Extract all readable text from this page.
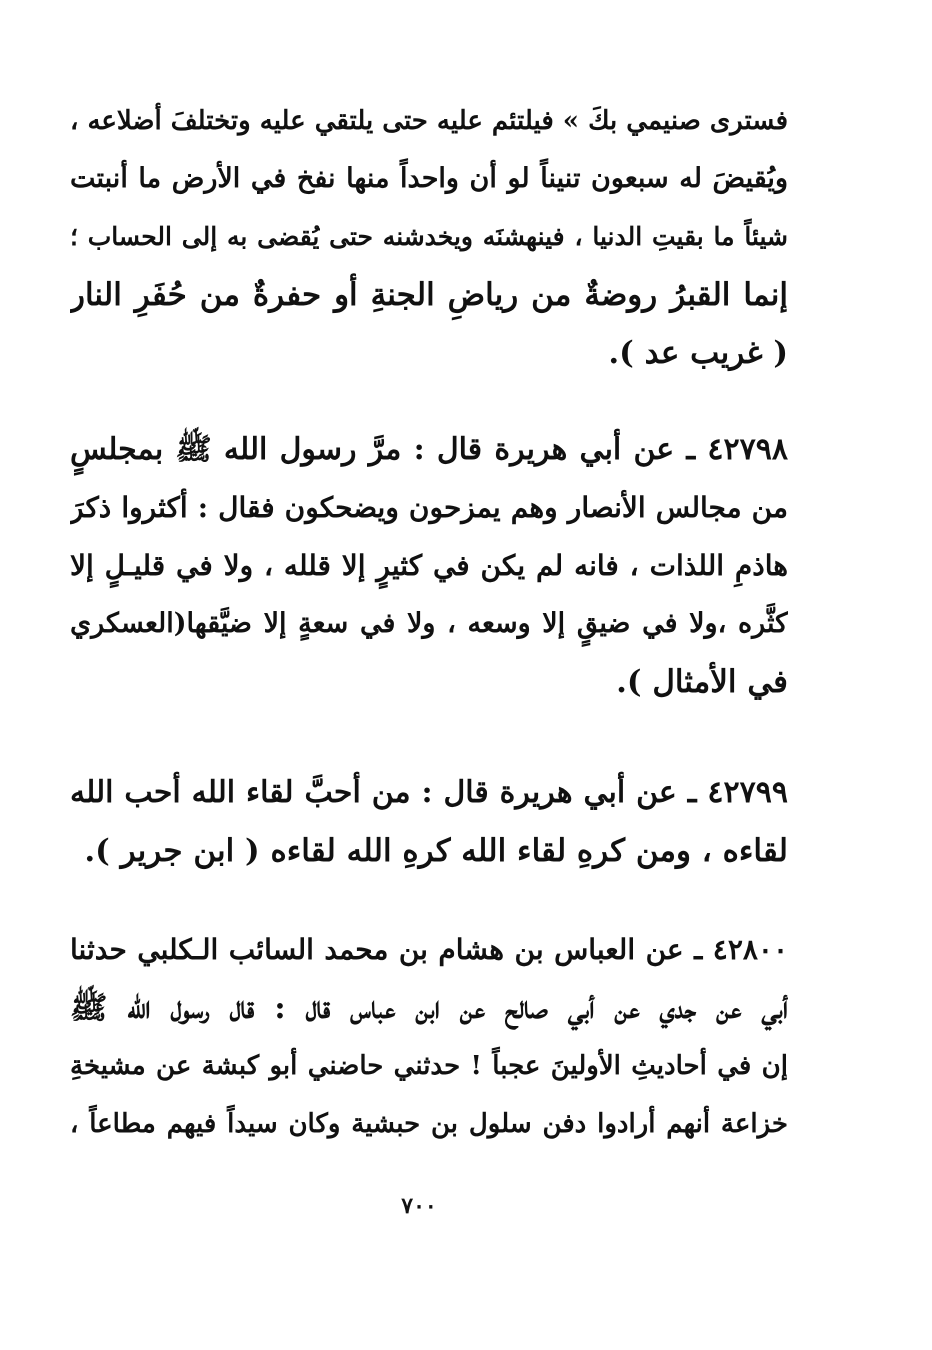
فسترى صنيمي بكَ » فيلتئم عليه حتى يلتقي عليه وتختلفَ أضلاعه ،
ويُقيضَ له سبعون تنيناً لو أن واحداً منها نفخ في الأرض ما أنبتت
شيئاً ما بقيتِ الدنيا ، فينهشنَه ويخدشنه حتى يُقضى به إلى الحساب ؛
إنما القبرُ روضةٌ من رياضِ الجنةِ أو حفرةٌ من حُفَرِ النار
( غريب عد ).
٤٢٧٩٨ ـ عن أبي هريرة قال : مرَّ رسول الله ﷺ بمجلسٍ
من مجالس الأنصار وهم يمزحون ويضحكون فقال : أكثروا ذكرَ
هاذمِ اللذات ، فانه لم يكن في كثيرٍ إلا قلله ، ولا في قليـلٍ إلا
كثَّره ،ولا في ضيقٍ إلا وسعه ، ولا في سعةٍ إلا ضيَّقها(العسكري
في الأمثال ).
٤٢٧٩٩ ـ عن أبي هريرة قال : من أحبَّ لقاء الله أحب الله
لقاءه ، ومن كرهِ لقاء الله كرهِ الله لقاءه ( ابن جرير ).
٤٢٨٠٠ ـ عن العباس بن هشام بن محمد السائب الـكلبي حدثنا
أبي عن جدي عن أبي صالح عن ابن عباس قال : قال رسول الله ﷺ
إن في أحاديثِ الأولينَ عجباً ! حدثني حاضني أبو كبشة عن مشيخةِ
خزاعة أنهم أرادوا دفن سلول بن حبشية وكان سيداً فيهم مطاعاً ،
٧٠٠
